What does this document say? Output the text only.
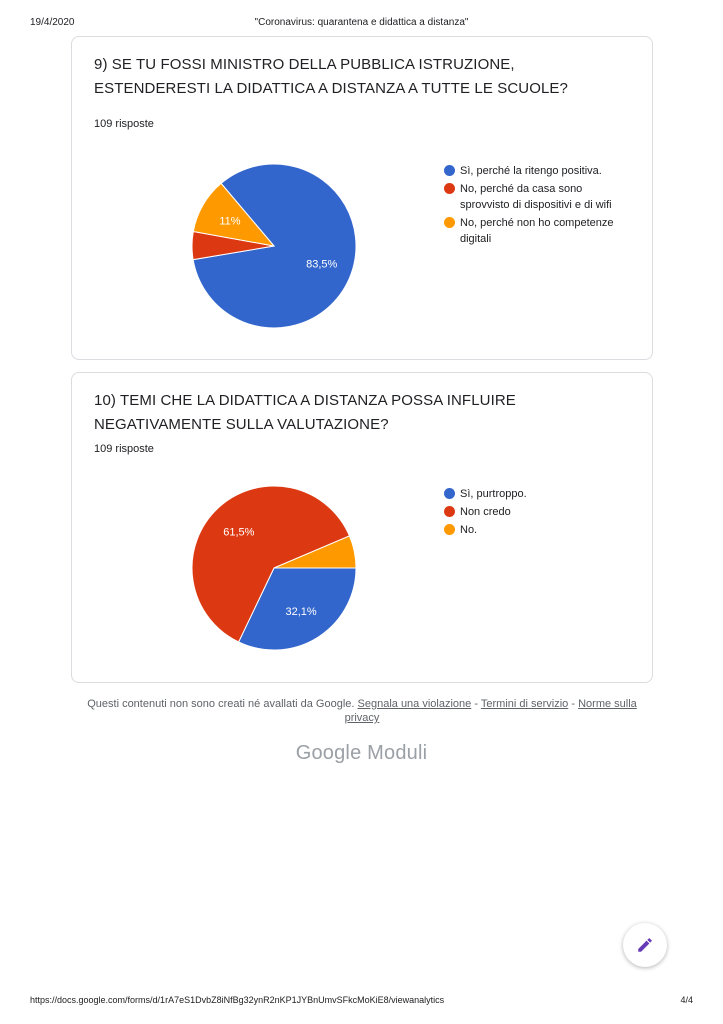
19/4/2020	"Coronavirus: quarantena e didattica a distanza"
9) SE TU FOSSI MINISTRO DELLA PUBBLICA ISTRUZIONE, ESTENDERESTI LA DIDATTICA A DISTANZA A TUTTE LE SCUOLE?
109 risposte
83,5%
11%
Sì, perché la ritengo positiva.
No, perché da casa sono sprovvisto di dispositivi e di wifi
No, perché non ho competenze digitali
10) TEMI CHE LA DIDATTICA A DISTANZA POSSA INFLUIRE NEGATIVAMENTE SULLA VALUTAZIONE?
109 risposte
32,1%
61,5%
Sì, purtroppo.
Non credo
No.
Questi contenuti non sono creati né avallati da Google. Segnala una violazione - Termini di servizio - Norme sulla privacy
Google Moduli
https://docs.google.com/forms/d/1rA7eS1DvbZ8iNfBg32ynR2nKP1JYBnUmvSFkcMoKiE8/viewanalytics	4/4
